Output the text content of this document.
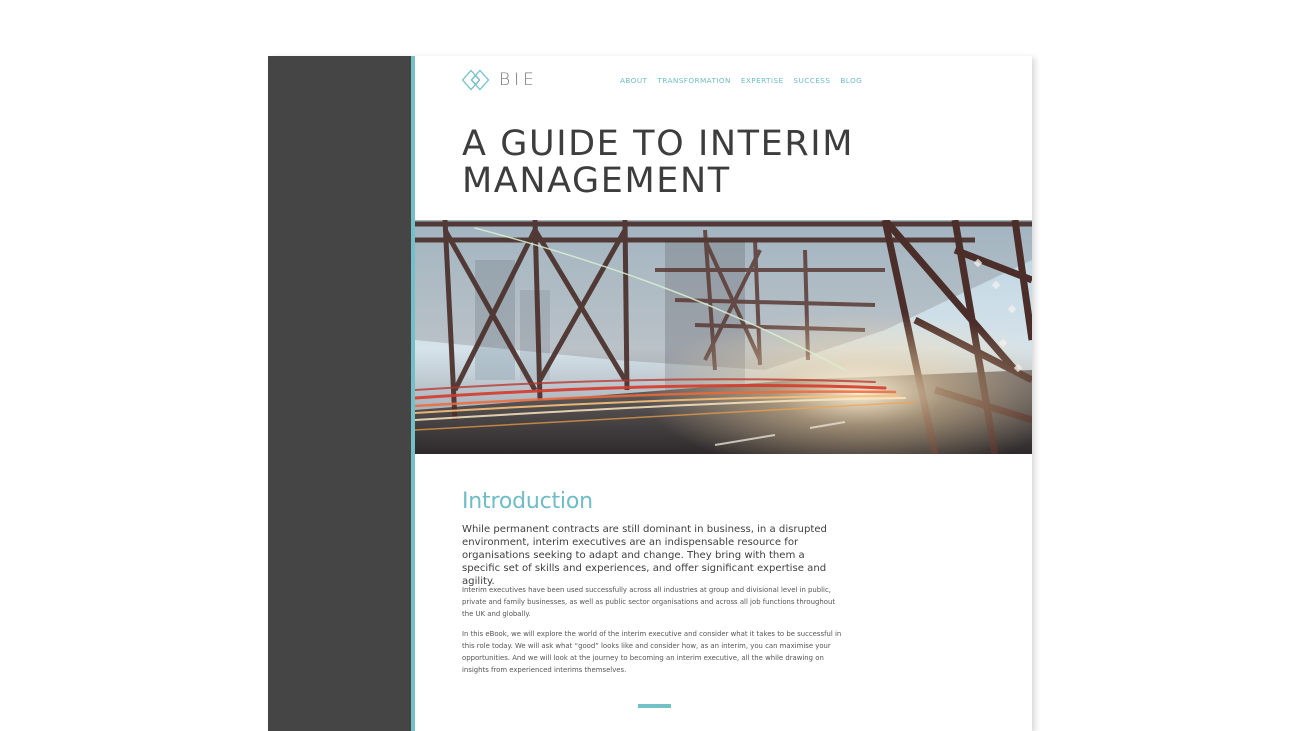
BIE	ABOUT TRANSFORMATION EXPERTISE SUCCESS BLOG
A GUIDE TO INTERIM
MANAGEMENT
Introduction

While permanent contracts are still dominant in business, in a disrupted environment, interim executives are an indispensable resource for organisations seeking to adapt and change. They bring with them a specific set of skills and experiences, and offer significant expertise and agility.

Interim executives have been used successfully across all industries at group and divisional level in public, private and family businesses, as well as public sector organisations and across all job functions throughout the UK and globally.

In this eBook, we will explore the world of the interim executive and consider what it takes to be successful in this role today. We will ask what “good” looks like and consider how, as an interim, you can maximise your opportunities. And we will look at the journey to becoming an interim executive, all the while drawing on insights from experienced interims themselves.
